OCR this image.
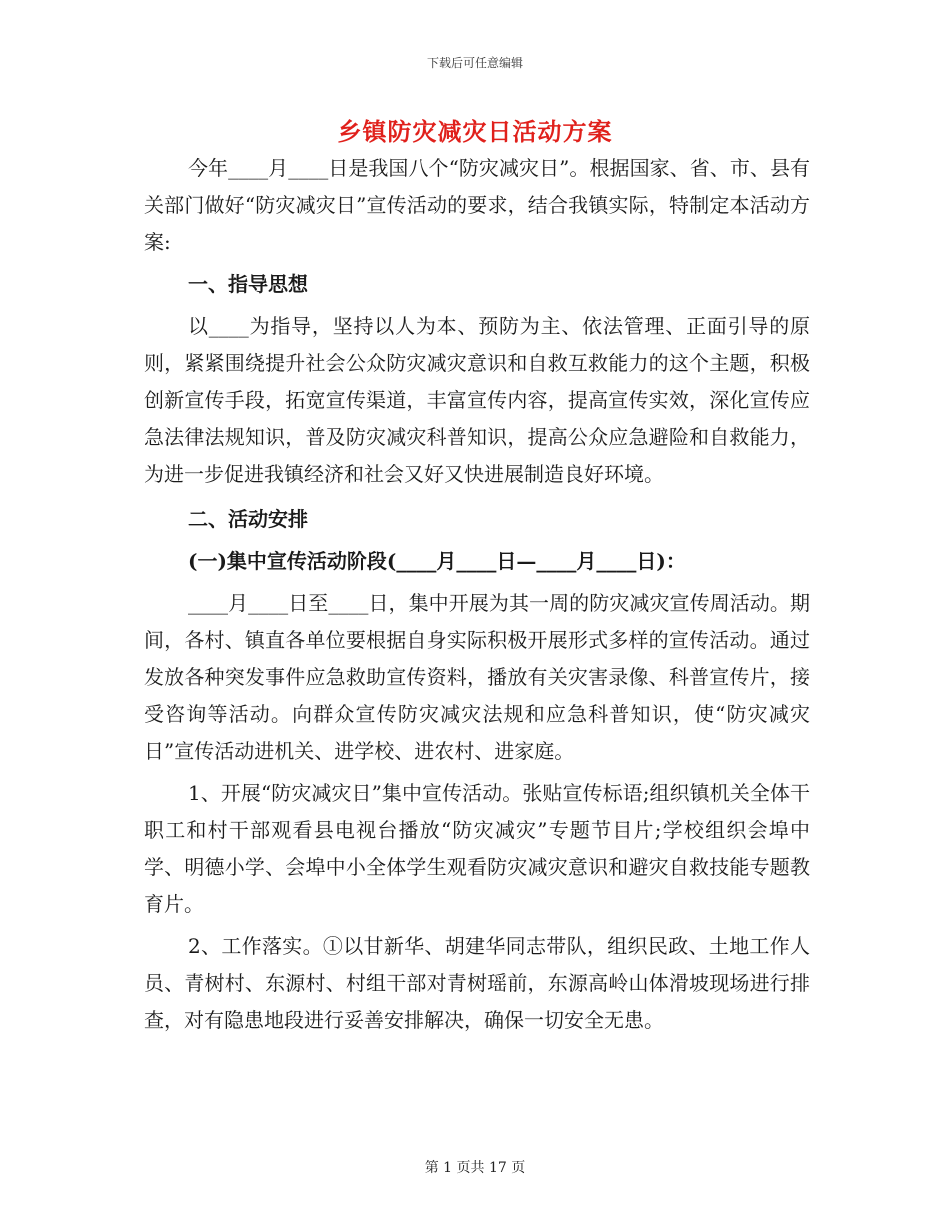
下载后可任意编辑
乡镇防灾减灾日活动方案

今年____月____日是我国八个“防灾减灾日”。根据国家、省、市、县有关部门做好“防灾减灾日”宣传活动的要求，结合我镇实际，特制定本活动方案:

一、指导思想

以____为指导，坚持以人为本、预防为主、依法管理、正面引导的原则，紧紧围绕提升社会公众防灾减灾意识和自救互救能力的这个主题，积极创新宣传手段，拓宽宣传渠道，丰富宣传内容，提高宣传实效，深化宣传应急法律法规知识，普及防灾减灾科普知识，提高公众应急避险和自救能力，为进一步促进我镇经济和社会又好又快进展制造良好环境。

二、活动安排

(一)集中宣传活动阶段(____月____日—____月____日)：

____月____日至____日，集中开展为其一周的防灾减灾宣传周活动。期间，各村、镇直各单位要根据自身实际积极开展形式多样的宣传活动。通过发放各种突发事件应急救助宣传资料，播放有关灾害录像、科普宣传片，接受咨询等活动。向群众宣传防灾减灾法规和应急科普知识，使“防灾减灾日”宣传活动进机关、进学校、进农村、进家庭。

1、开展“防灾减灾日”集中宣传活动。张贴宣传标语;组织镇机关全体干职工和村干部观看县电视台播放“防灾减灾”专题节目片;学校组织会埠中学、明德小学、会埠中小全体学生观看防灾减灾意识和避灾自救技能专题教育片。

2、工作落实。①以甘新华、胡建华同志带队，组织民政、土地工作人员、青树村、东源村、村组干部对青树瑶前，东源高岭山体滑坡现场进行排查，对有隐患地段进行妥善安排解决，确保一切安全无患。

第 1 页共 17 页
